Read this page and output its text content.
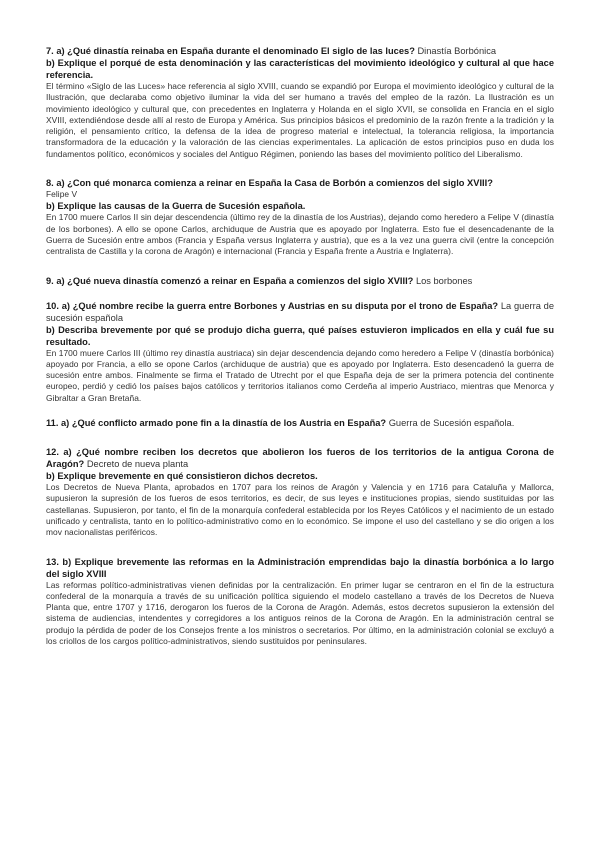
7. a) ¿Qué dinastía reinaba en España durante el denominado El siglo de las luces? Dinastía Borbónica

b) Explique el porqué de esta denominación y las características del movimiento ideológico y cultural al que hace referencia.

El término «Siglo de las Luces» hace referencia al siglo XVIII, cuando se expandió por Europa el movimiento ideológico y cultural de la Ilustración, que declaraba como objetivo iluminar la vida del ser humano a través del empleo de la razón. La Ilustración es un movimiento ideológico y cultural que, con precedentes en Inglaterra y Holanda en el siglo XVII, se consolida en Francia en el siglo XVIII, extendiéndose desde allí al resto de Europa y América. Sus principios básicos el predominio de la razón frente a la tradición y la religión, el pensamiento crítico, la defensa de la idea de progreso material e intelectual, la tolerancia religiosa, la importancia transformadora de la educación y la valoración de las ciencias experimentales. La aplicación de estos principios puso en duda los fundamentos político, económicos y sociales del Antiguo Régimen, poniendo las bases del movimiento político del Liberalismo.

8. a) ¿Con qué monarca comienza a reinar en España la Casa de Borbón a comienzos del siglo XVIII?

Felipe V

b) Explique las causas de la Guerra de Sucesión española.

En 1700 muere Carlos II sin dejar descendencia (último rey de la dinastía de los Austrias), dejando como heredero a Felipe V (dinastía de los borbones). A ello se opone Carlos, archiduque de Austria que es apoyado por Inglaterra. Esto fue el desencadenante de la Guerra de Sucesión entre ambos (Francia y España versus Inglaterra y austria), que es a la vez una guerra civil (entre la concepción centralista de Castilla y la corona de Aragón) e internacional (Francia y España frente a Austria e Inglaterra).

9. a) ¿Qué nueva dinastía comenzó a reinar en España a comienzos del siglo XVIII? Los borbones

10. a) ¿Qué nombre recibe la guerra entre Borbones y Austrias en su disputa por el trono de España? La guerra de sucesión española

b) Describa brevemente por qué se produjo dicha guerra, qué países estuvieron implicados en ella y cuál fue su resultado.

En 1700 muere Carlos III (último rey dinastía austriaca) sin dejar descendencia dejando como heredero a Felipe V (dinastía borbónica) apoyado por Francia, a ello se opone Carlos (archiduque de austria) que es apoyado por Inglaterra. Esto desencadenó la guerra de sucesión entre ambos. Finalmente se firma el Tratado de Utrecht por el que España deja de ser la primera potencia del continente europeo, perdió y cedió los países bajos católicos y territorios italianos como Cerdeña al imperio Austriaco, mientras que Menorca y Gibraltar a Gran Bretaña.

11. a) ¿Qué conflicto armado pone fin a la dinastía de los Austria en España? Guerra de Sucesión española.

12. a) ¿Qué nombre reciben los decretos que abolieron los fueros de los territorios de la antigua Corona de Aragón? Decreto de nueva planta

b) Explique brevemente en qué consistieron dichos decretos.

Los Decretos de Nueva Planta, aprobados en 1707 para los reinos de Aragón y Valencia y en 1716 para Cataluña y Mallorca, supusieron la supresión de los fueros de esos territorios, es decir, de sus leyes e instituciones propias, siendo sustituidas por las castellanas. Supusieron, por tanto, el fin de la monarquía confederal establecida por los Reyes Católicos y el nacimiento de un estado unificado y centralista, tanto en lo político-administrativo como en lo económico. Se impone el uso del castellano y se dio origen a los mov nacionalistas periféricos.

13. b) Explique brevemente las reformas en la Administración emprendidas bajo la dinastía borbónica a lo largo del siglo XVIII

Las reformas político-administrativas vienen definidas por la centralización. En primer lugar se centraron en el fin de la estructura confederal de la monarquía a través de su unificación política siguiendo el modelo castellano a través de los Decretos de Nueva Planta que, entre 1707 y 1716, derogaron los fueros de la Corona de Aragón. Además, estos decretos supusieron la extensión del sistema de audiencias, intendentes y corregidores a los antiguos reinos de la Corona de Aragón. En la administración central se produjo la pérdida de poder de los Consejos frente a los ministros o secretarios. Por último, en la administración colonial se excluyó a los criollos de los cargos político-administrativos, siendo sustituidos por peninsulares.
